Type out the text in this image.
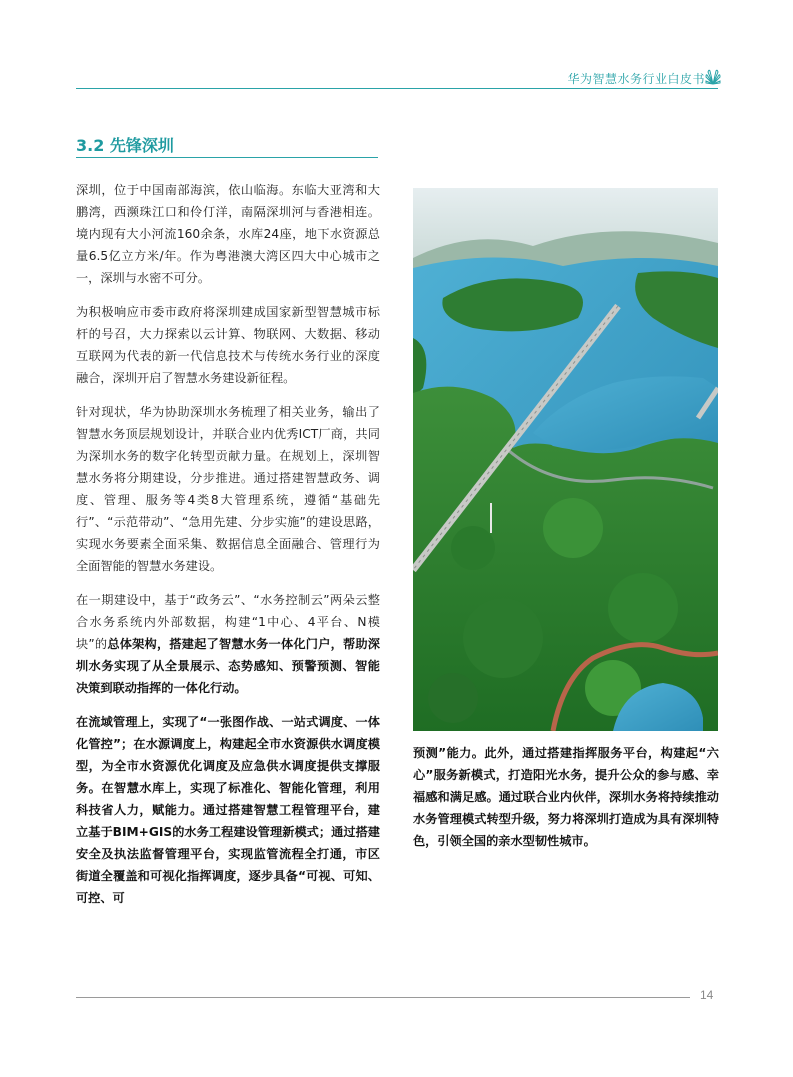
华为智慧水务行业白皮书
3.2 先锋深圳

深圳，位于中国南部海滨，依山临海。东临大亚湾和大鹏湾，西濒珠江口和伶仃洋，南隔深圳河与香港相连。境内现有大小河流160余条，水库24座，地下水资源总量6.5亿立方米/年。作为粤港澳大湾区四大中心城市之一，深圳与水密不可分。

为积极响应市委市政府将深圳建成国家新型智慧城市标杆的号召，大力探索以云计算、物联网、大数据、移动互联网为代表的新一代信息技术与传统水务行业的深度融合，深圳开启了智慧水务建设新征程。

针对现状，华为协助深圳水务梳理了相关业务，输出了智慧水务顶层规划设计，并联合业内优秀ICT厂商，共同为深圳水务的数字化转型贡献力量。在规划上，深圳智慧水务将分期建设，分步推进。通过搭建智慧政务、调度、管理、服务等4类8大管理系统，遵循“基础先行”、“示范带动”、“急用先建、分步实施”的建设思路，实现水务要素全面采集、数据信息全面融合、管理行为全面智能的智慧水务建设。

在一期建设中，基于“政务云”、“水务控制云”两朵云整合水务系统内外部数据，构建“1中心、4平台、N模块”的总体架构，搭建起了智慧水务一体化门户，帮助深圳水务实现了从全景展示、态势感知、预警预测、智能决策到联动指挥的一体化行动。

在流域管理上，实现了“一张图作战、一站式调度、一体化管控”；在水源调度上，构建起全市水资源供水调度模型，为全市水资源优化调度及应急供水调度提供支撑服务。在智慧水库上，实现了标准化、智能化管理，利用科技省人力，赋能力。通过搭建智慧工程管理平台，建立基于BIM+GIS的水务工程建设管理新模式；通过搭建安全及执法监督管理平台，实现监管流程全打通，市区街道全覆盖和可视化指挥调度，逐步具备“可视、可知、可控、可

预测”能力。此外，通过搭建指挥服务平台，构建起“六心”服务新模式，打造阳光水务，提升公众的参与感、幸福感和满足感。通过联合业内伙伴，深圳水务将持续推动水务管理模式转型升级，努力将深圳打造成为具有深圳特色，引领全国的亲水型韧性城市。

14
